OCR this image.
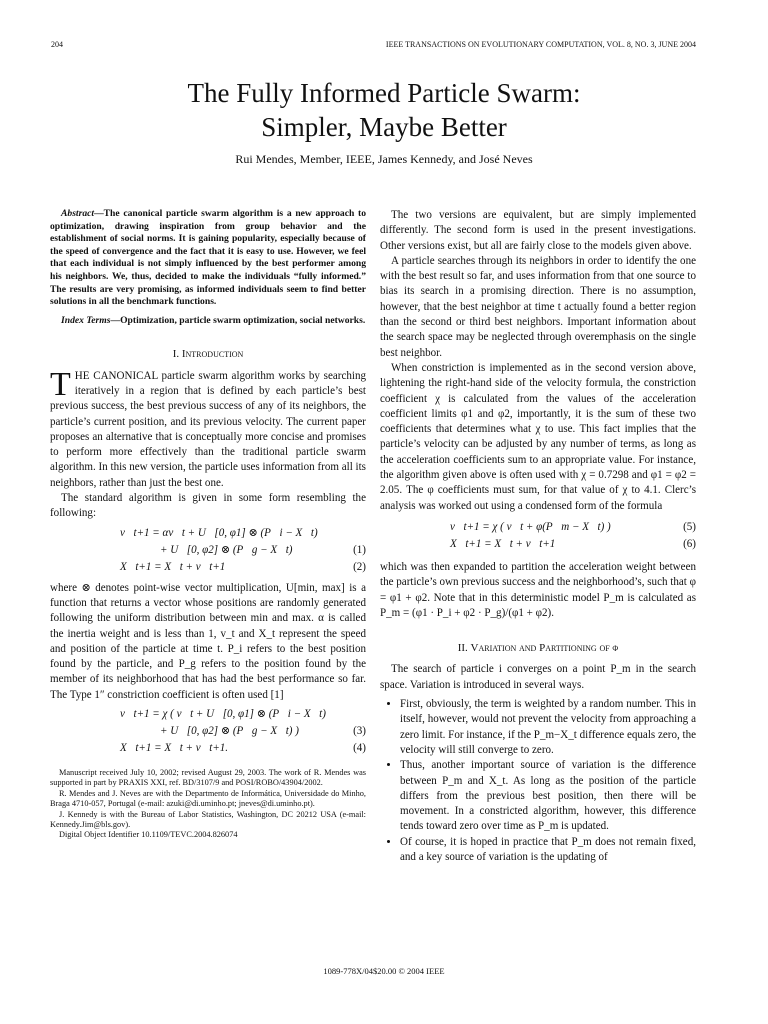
204	IEEE TRANSACTIONS ON EVOLUTIONARY COMPUTATION, VOL. 8, NO. 3, JUNE 2004
The Fully Informed Particle Swarm:
Simpler, Maybe Better
Rui Mendes, Member, IEEE, James Kennedy, and José Neves

Abstract—The canonical particle swarm algorithm is a new approach to optimization, drawing inspiration from group behavior and the establishment of social norms. It is gaining popularity, especially because of the speed of convergence and the fact that it is easy to use. However, we feel that each individual is not simply influenced by the best performer among his neighbors. We, thus, decided to make the individuals “fully informed.” The results are very promising, as informed individuals seem to find better solutions in all the benchmark functions.

Index Terms—Optimization, particle swarm optimization, social networks.

I. Introduction

THE CANONICAL particle swarm algorithm works by searching iteratively in a region that is defined by each particle’s best previous success, the best previous success of any of its neighbors, the particle’s current position, and its previous velocity. The current paper proposes an alternative that is conceptually more concise and promises to perform more effectively than the traditional particle swarm algorithm. In this new version, the particle uses information from all its neighbors, rather than just the best one.

The standard algorithm is given in some form resembling the following:

v⃗t+1 = αv⃗t + U⃗[0, φ1] ⊗ (P⃗i − X⃗t)
+ U⃗[0, φ2] ⊗ (P⃗g − X⃗t)	(1)
X⃗t+1 = X⃗t + v⃗t+1	(2)

where ⊗ denotes point-wise vector multiplication, U[min, max] is a function that returns a vector whose positions are randomly generated following the uniform distribution between min and max. α is called the inertia weight and is less than 1, v_t and X_t represent the speed and position of the particle at time t. P_i refers to the best position found by the particle, and P_g refers to the position found by the member of its neighborhood that has had the best performance so far. The Type 1″ constriction coefficient is often used [1]

v⃗t+1 = χ ( v⃗t + U⃗[0, φ1] ⊗ (P⃗i − X⃗t)
+ U⃗[0, φ2] ⊗ (P⃗g − X⃗t) )	(3)
X⃗t+1 = X⃗t + v⃗t+1.	(4)

Manuscript received July 10, 2002; revised August 29, 2003. The work of R. Mendes was supported in part by PRAXIS XXI, ref. BD/3107/9 and POSI/ROBO/43904/2002.

R. Mendes and J. Neves are with the Departmento de Informática, Universidade do Minho, Braga 4710-057, Portugal (e-mail: azuki@di.uminho.pt; jneves@di.uminho.pt).

J. Kennedy is with the Bureau of Labor Statistics, Washington, DC 20212 USA (e-mail: Kennedy.Jim@bls.gov).

Digital Object Identifier 10.1109/TEVC.2004.826074

The two versions are equivalent, but are simply implemented differently. The second form is used in the present investigations. Other versions exist, but all are fairly close to the models given above.

A particle searches through its neighbors in order to identify the one with the best result so far, and uses information from that one source to bias its search in a promising direction. There is no assumption, however, that the best neighbor at time t actually found a better region than the second or third best neighbors. Important information about the search space may be neglected through overemphasis on the single best neighbor.

When constriction is implemented as in the second version above, lightening the right-hand side of the velocity formula, the constriction coefficient χ is calculated from the values of the acceleration coefficient limits φ1 and φ2, importantly, it is the sum of these two coefficients that determines what χ to use. This fact implies that the particle’s velocity can be adjusted by any number of terms, as long as the acceleration coefficients sum to an appropriate value. For instance, the algorithm given above is often used with χ = 0.7298 and φ1 = φ2 = 2.05. The φ coefficients must sum, for that value of χ to 4.1. Clerc’s analysis was worked out using a condensed form of the formula

v⃗t+1 = χ ( v⃗t + φ(P⃗m − X⃗t) )	(5)
X⃗t+1 = X⃗t + v⃗t+1	(6)

which was then expanded to partition the acceleration weight between the particle’s own previous success and the neighborhood’s, such that φ = φ1 + φ2. Note that in this deterministic model P_m is calculated as P_m = (φ1 · P_i + φ2 · P_g)/(φ1 + φ2).

II. Variation and Partitioning of φ

The search of particle i converges on a point P_m in the search space. Variation is introduced in several ways.

• First, obviously, the term is weighted by a random number. This in itself, however, would not prevent the velocity from approaching a zero limit. For instance, if the P_m−X_t difference equals zero, the velocity will still converge to zero.
• Thus, another important source of variation is the difference between P_m and X_t. As long as the position of the particle differs from the previous best position, then there will be movement. In a constricted algorithm, however, this difference tends toward zero over time as P_m is updated.
• Of course, it is hoped in practice that P_m does not remain fixed, and a key source of variation is the updating of
1089-778X/04$20.00 © 2004 IEEE
